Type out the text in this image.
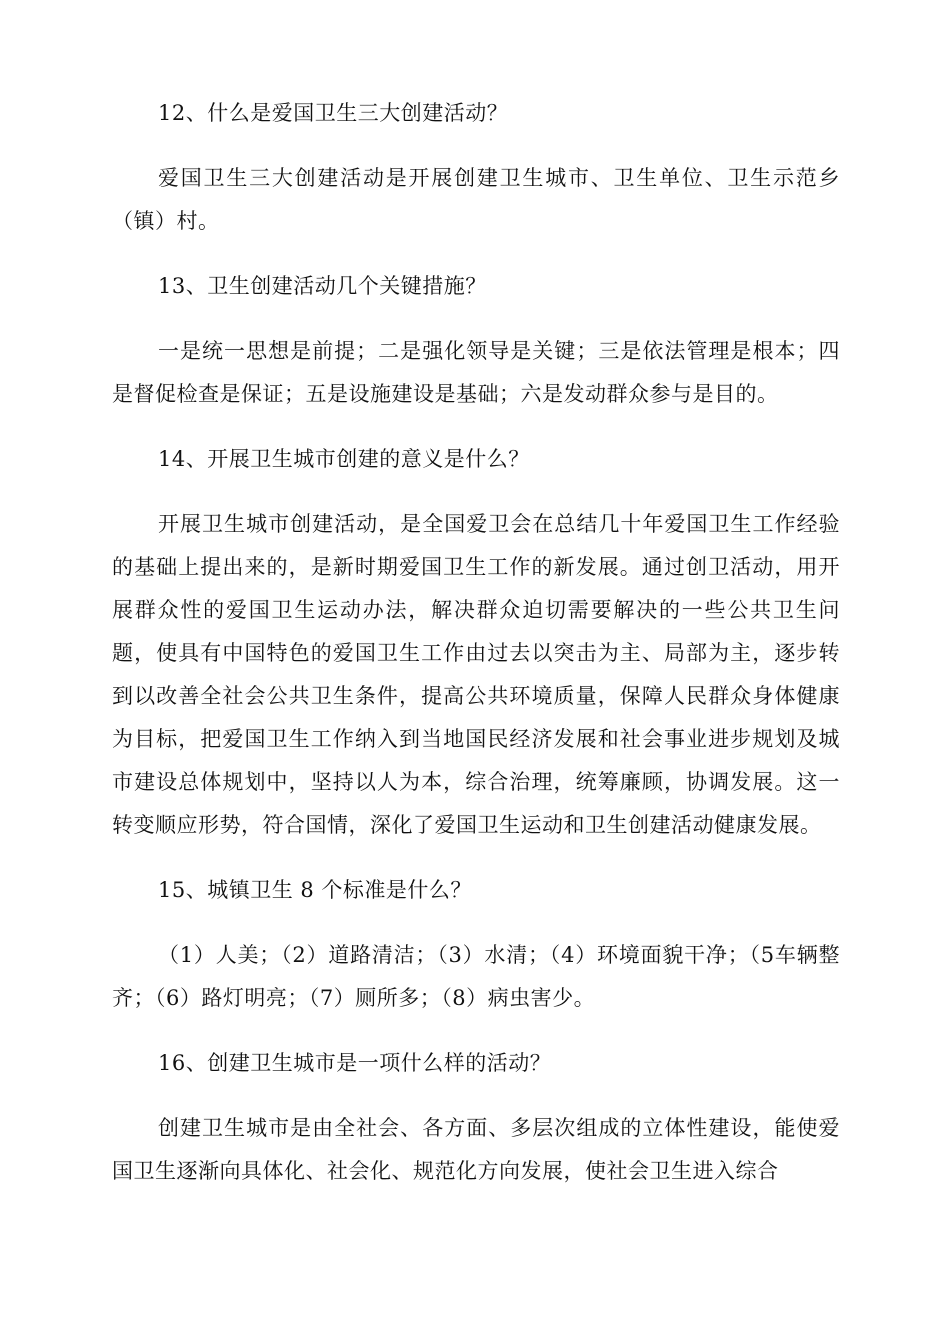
12、什么是爱国卫生三大创建活动？

爱国卫生三大创建活动是开展创建卫生城市、卫生单位、卫生示范乡（镇）村。

13、卫生创建活动几个关键措施？

一是统一思想是前提；二是强化领导是关键；三是依法管理是根本；四是督促检查是保证；五是设施建设是基础；六是发动群众参与是目的。

14、开展卫生城市创建的意义是什么？

开展卫生城市创建活动，是全国爱卫会在总结几十年爱国卫生工作经验的基础上提出来的，是新时期爱国卫生工作的新发展。通过创卫活动，用开展群众性的爱国卫生运动办法，解决群众迫切需要解决的一些公共卫生问题，使具有中国特色的爱国卫生工作由过去以突击为主、局部为主，逐步转到以改善全社会公共卫生条件，提高公共环境质量，保障人民群众身体健康为目标，把爱国卫生工作纳入到当地国民经济发展和社会事业进步规划及城市建设总体规划中，坚持以人为本，综合治理，统筹廉顾，协调发展。这一转变顺应形势，符合国情，深化了爱国卫生运动和卫生创建活动健康发展。

15、城镇卫生 8 个标准是什么？

（1）人美；（2）道路清洁；（3）水清；（4）环境面貌干净；（5车辆整齐；（6）路灯明亮；（7）厕所多；（8）病虫害少。

16、创建卫生城市是一项什么样的活动？

创建卫生城市是由全社会、各方面、多层次组成的立体性建设，能使爱国卫生逐渐向具体化、社会化、规范化方向发展，使社会卫生进入综合
